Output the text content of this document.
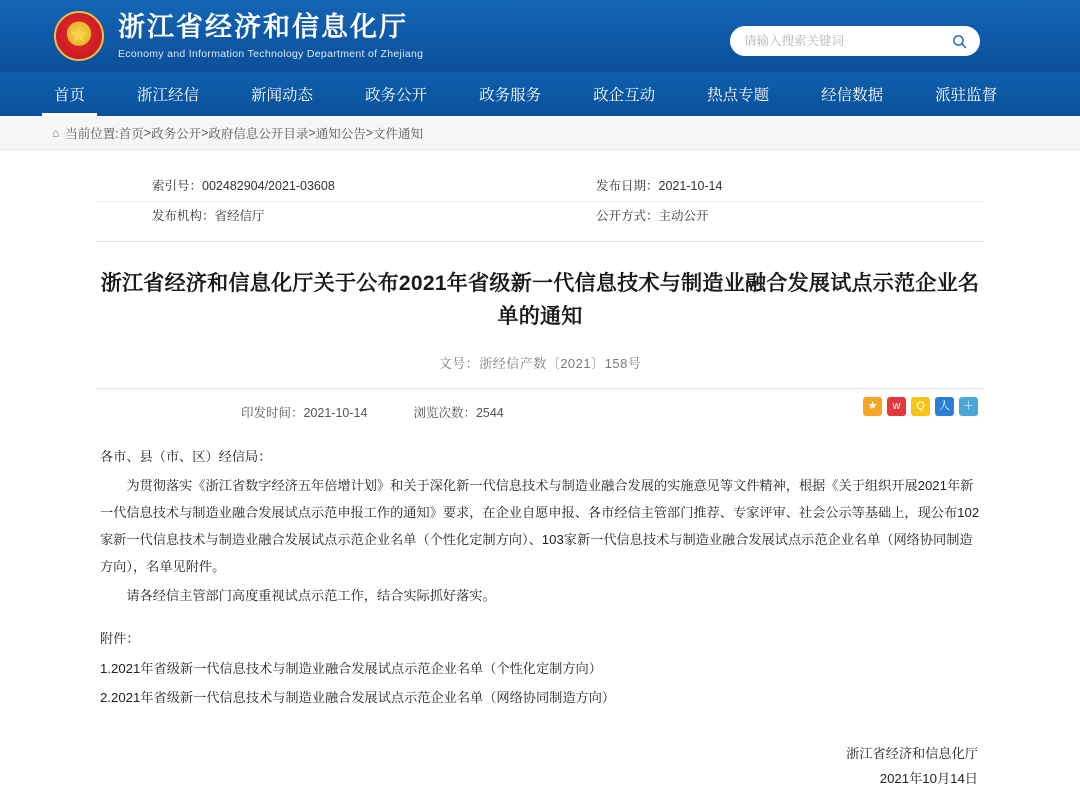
★
浙江省经济和信息化厅
Economy and Information Technology Department of Zhejiang
请输入搜索关键词
首页	浙江经信	新闻动态	政务公开	政务服务	政企互动	热点专题	经信数据	派驻监督
⌂ 当前位置: 首页 > 政务公开 > 政府信息公开目录 > 通知公告 > 文件通知
索引号：002482904/2021-03608	发布日期：2021-10-14
发布机构：省经信厅	公开方式：主动公开
浙江省经济和信息化厅关于公布2021年省级新一代信息技术与制造业融合发展试点示范企业名单的通知
文号：浙经信产数〔2021〕158号
印发时间：2021-10-14	浏览次数：2544	★	w	Q	人	＋

各市、县（市、区）经信局：

为贯彻落实《浙江省数字经济五年倍增计划》和关于深化新一代信息技术与制造业融合发展的实施意见等文件精神，根据《关于组织开展2021年新一代信息技术与制造业融合发展试点示范申报工作的通知》要求，在企业自愿申报、各市经信主管部门推荐、专家评审、社会公示等基础上，现公布102家新一代信息技术与制造业融合发展试点示范企业名单（个性化定制方向）、103家新一代信息技术与制造业融合发展试点示范企业名单（网络协同制造方向），名单见附件。

请各经信主管部门高度重视试点示范工作，结合实际抓好落实。

附件：

1.2021年省级新一代信息技术与制造业融合发展试点示范企业名单（个性化定制方向）

2.2021年省级新一代信息技术与制造业融合发展试点示范企业名单（网络协同制造方向）

浙江省经济和信息化厅
2021年10月14日
